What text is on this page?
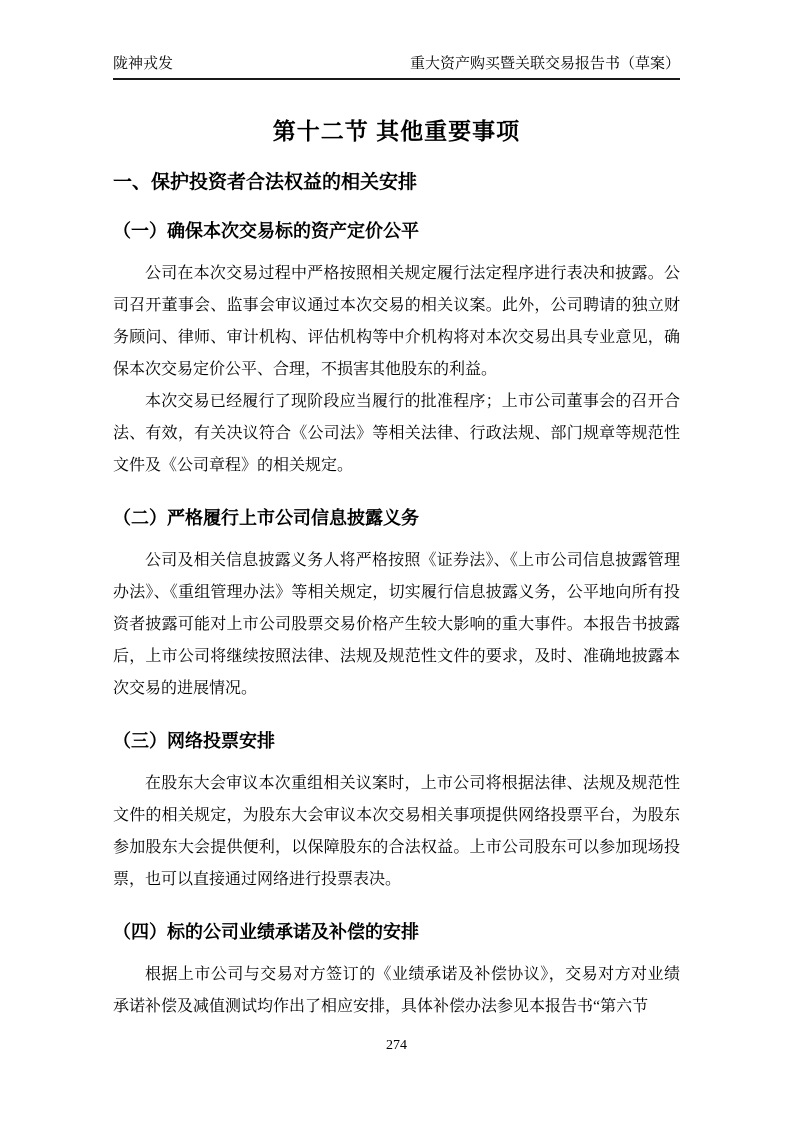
陇神戎发	重大资产购买暨关联交易报告书（草案）
第十二节 其他重要事项
一、保护投资者合法权益的相关安排
（一）确保本次交易标的资产定价公平

公司在本次交易过程中严格按照相关规定履行法定程序进行表决和披露。公司召开董事会、监事会审议通过本次交易的相关议案。此外，公司聘请的独立财务顾问、律师、审计机构、评估机构等中介机构将对本次交易出具专业意见，确保本次交易定价公平、合理，不损害其他股东的利益。

本次交易已经履行了现阶段应当履行的批准程序；上市公司董事会的召开合法、有效，有关决议符合《公司法》等相关法律、行政法规、部门规章等规范性文件及《公司章程》的相关规定。

（二）严格履行上市公司信息披露义务

公司及相关信息披露义务人将严格按照《证券法》、《上市公司信息披露管理办法》、《重组管理办法》等相关规定，切实履行信息披露义务，公平地向所有投资者披露可能对上市公司股票交易价格产生较大影响的重大事件。本报告书披露后，上市公司将继续按照法律、法规及规范性文件的要求，及时、准确地披露本次交易的进展情况。

（三）网络投票安排

在股东大会审议本次重组相关议案时，上市公司将根据法律、法规及规范性文件的相关规定，为股东大会审议本次交易相关事项提供网络投票平台，为股东参加股东大会提供便利，以保障股东的合法权益。上市公司股东可以参加现场投票，也可以直接通过网络进行投票表决。

（四）标的公司业绩承诺及补偿的安排

根据上市公司与交易对方签订的《业绩承诺及补偿协议》，交易对方对业绩承诺补偿及减值测试均作出了相应安排，具体补偿办法参见本报告书“第六节

274
